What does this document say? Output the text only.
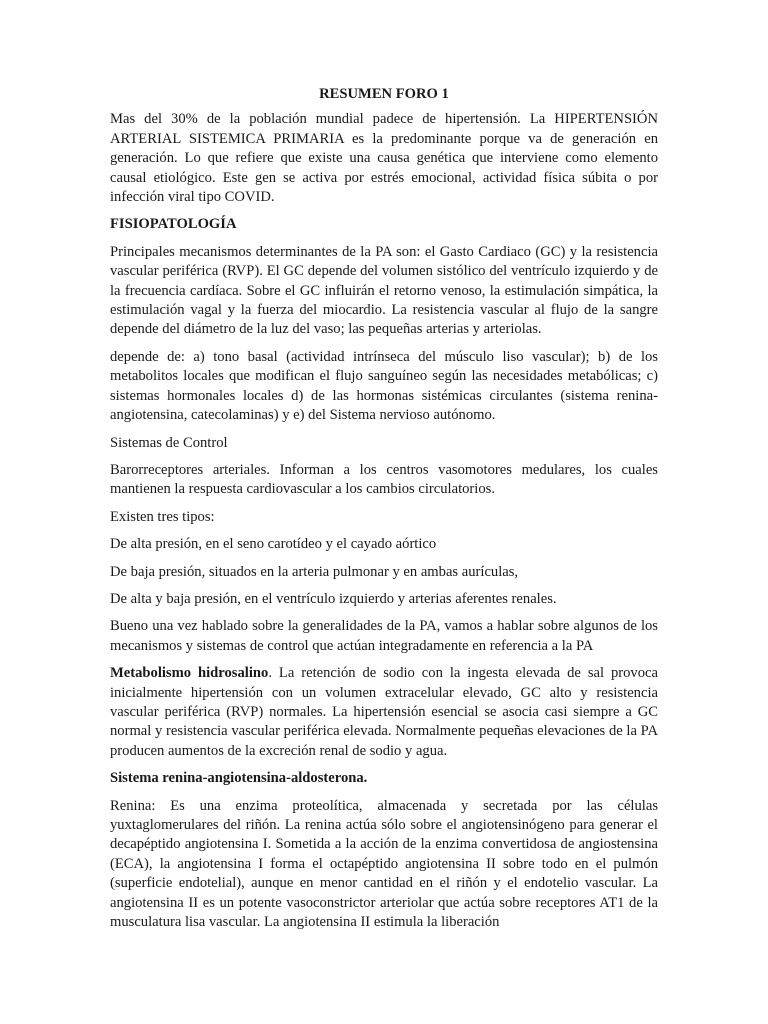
RESUMEN FORO 1

Mas del 30% de la población mundial padece de hipertensión. La HIPERTENSIÓN ARTERIAL SISTEMICA PRIMARIA es la predominante porque va de generación en generación. Lo que refiere que existe una causa genética que interviene como elemento causal etiológico. Este gen se activa por estrés emocional, actividad física súbita o por infección viral tipo COVID.

FISIOPATOLOGÍA

Principales mecanismos determinantes de la PA son: el Gasto Cardiaco (GC) y la resistencia vascular periférica (RVP). El GC depende del volumen sistólico del ventrículo izquierdo y de la frecuencia cardíaca. Sobre el GC influirán el retorno venoso, la estimulación simpática, la estimulación vagal y la fuerza del miocardio. La resistencia vascular al flujo de la sangre depende del diámetro de la luz del vaso; las pequeñas arterias y arteriolas.

depende de: a) tono basal (actividad intrínseca del músculo liso vascular); b) de los metabolitos locales que modifican el flujo sanguíneo según las necesidades metabólicas; c) sistemas hormonales locales d) de las hormonas sistémicas circulantes (sistema renina-angiotensina, catecolaminas) y e) del Sistema nervioso autónomo.

Sistemas de Control

Barorreceptores arteriales. Informan a los centros vasomotores medulares, los cuales mantienen la respuesta cardiovascular a los cambios circulatorios.

Existen tres tipos:

De alta presión, en el seno carotídeo y el cayado aórtico

De baja presión, situados en la arteria pulmonar y en ambas aurículas,

De alta y baja presión, en el ventrículo izquierdo y arterias aferentes renales.

Bueno una vez hablado sobre la generalidades de la PA, vamos a hablar sobre algunos de los mecanismos y sistemas de control que actúan integradamente en referencia a la PA

Metabolismo hidrosalino. La retención de sodio con la ingesta elevada de sal provoca inicialmente hipertensión con un volumen extracelular elevado, GC alto y resistencia vascular periférica (RVP) normales. La hipertensión esencial se asocia casi siempre a GC normal y resistencia vascular periférica elevada. Normalmente pequeñas elevaciones de la PA producen aumentos de la excreción renal de sodio y agua.

Sistema renina-angiotensina-aldosterona.

Renina: Es una enzima proteolítica, almacenada y secretada por las células yuxtaglomerulares del riñón. La renina actúa sólo sobre el angiotensinógeno para generar el decapéptido angiotensina I. Sometida a la acción de la enzima convertidosa de angiostensina (ECA), la angiotensina I forma el octapéptido angiotensina II sobre todo en el pulmón (superficie endotelial), aunque en menor cantidad en el riñón y el endotelio vascular. La angiotensina II es un potente vasoconstrictor arteriolar que actúa sobre receptores AT1 de la musculatura lisa vascular. La angiotensina II estimula la liberación
